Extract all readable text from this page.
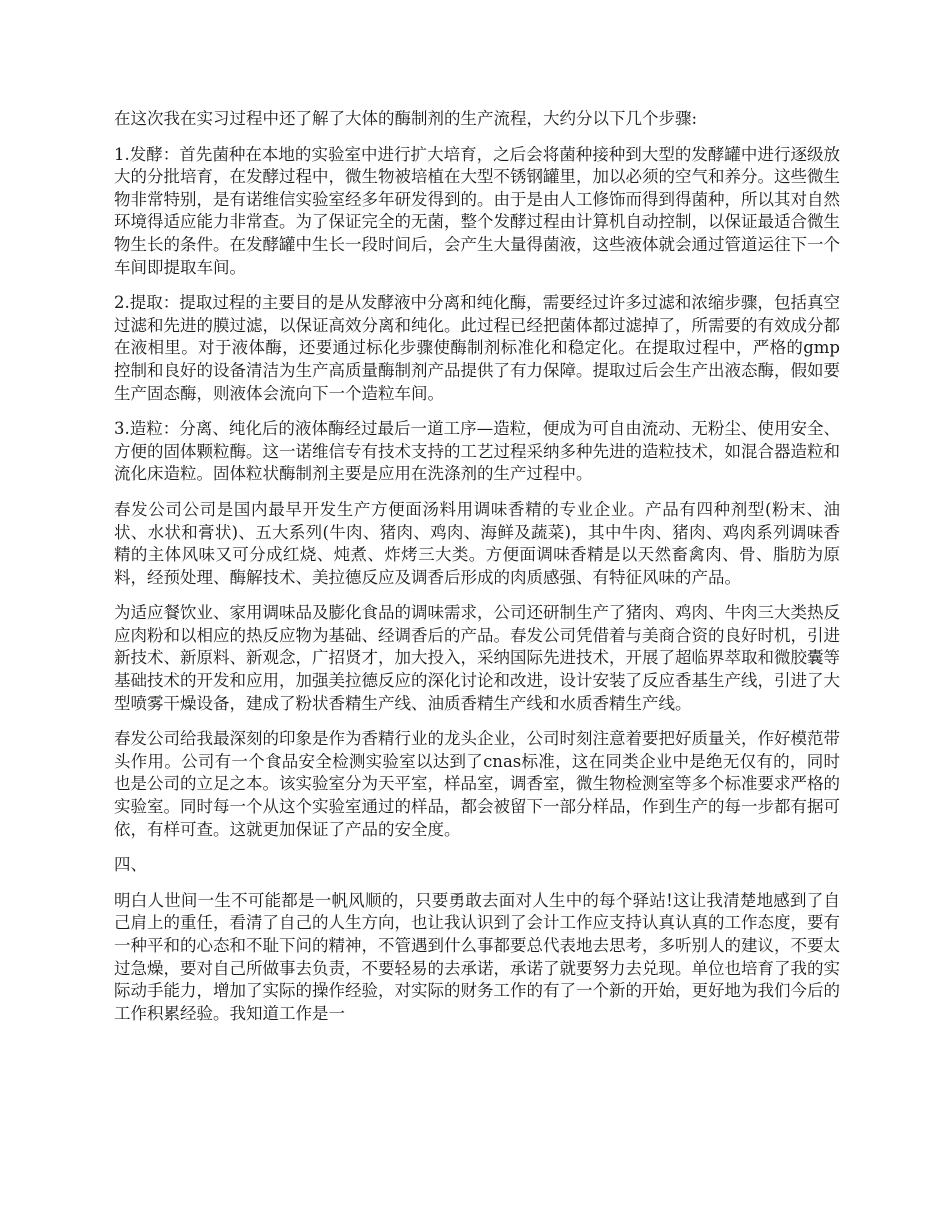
在这次我在实习过程中还了解了大体的酶制剂的生产流程，大约分以下几个步骤:

1.发酵：首先菌种在本地的实验室中进行扩大培育，之后会将菌种接种到大型的发酵罐中进行逐级放大的分批培育，在发酵过程中，微生物被培植在大型不锈钢罐里，加以必须的空气和养分。这些微生物非常特别，是有诺维信实验室经多年研发得到的。由于是由人工修饰而得到得菌种，所以其对自然环境得适应能力非常查。为了保证完全的无菌，整个发酵过程由计算机自动控制，以保证最适合微生物生长的条件。在发酵罐中生长一段时间后，会产生大量得菌液，这些液体就会通过管道运往下一个车间即提取车间。

2.提取：提取过程的主要目的是从发酵液中分离和纯化酶，需要经过许多过滤和浓缩步骤，包括真空过滤和先进的膜过滤，以保证高效分离和纯化。此过程已经把菌体都过滤掉了，所需要的有效成分都在液相里。对于液体酶，还要通过标化步骤使酶制剂标准化和稳定化。在提取过程中，严格的gmp控制和良好的设备清洁为生产高质量酶制剂产品提供了有力保障。提取过后会生产出液态酶，假如要生产固态酶，则液体会流向下一个造粒车间。

3.造粒：分离、纯化后的液体酶经过最后一道工序—造粒，便成为可自由流动、无粉尘、使用安全、方便的固体颗粒酶。这一诺维信专有技术支持的工艺过程采纳多种先进的造粒技术，如混合器造粒和流化床造粒。固体粒状酶制剂主要是应用在洗涤剂的生产过程中。

春发公司公司是国内最早开发生产方便面汤料用调味香精的专业企业。产品有四种剂型(粉末、油状、水状和膏状)、五大系列(牛肉、猪肉、鸡肉、海鲜及蔬菜)，其中牛肉、猪肉、鸡肉系列调味香精的主体风味又可分成红烧、炖煮、炸烤三大类。方便面调味香精是以天然畜禽肉、骨、脂肪为原料，经预处理、酶解技术、美拉德反应及调香后形成的肉质感强、有特征风味的产品。

为适应餐饮业、家用调味品及膨化食品的调味需求，公司还研制生产了猪肉、鸡肉、牛肉三大类热反应肉粉和以相应的热反应物为基础、经调香后的产品。春发公司凭借着与美商合资的良好时机，引进新技术、新原料、新观念，广招贤才，加大投入，采纳国际先进技术，开展了超临界萃取和微胶囊等基础技术的开发和应用，加强美拉德反应的深化讨论和改进，设计安装了反应香基生产线，引进了大型喷雾干燥设备，建成了粉状香精生产线、油质香精生产线和水质香精生产线。

春发公司给我最深刻的印象是作为香精行业的龙头企业，公司时刻注意着要把好质量关，作好模范带头作用。公司有一个食品安全检测实验室以达到了cnas标准，这在同类企业中是绝无仅有的，同时也是公司的立足之本。该实验室分为天平室，样品室，调香室，微生物检测室等多个标准要求严格的实验室。同时每一个从这个实验室通过的样品，都会被留下一部分样品，作到生产的每一步都有据可依，有样可查。这就更加保证了产品的安全度。

四、

明白人世间一生不可能都是一帆风顺的，只要勇敢去面对人生中的每个驿站!这让我清楚地感到了自己肩上的重任，看清了自己的人生方向，也让我认识到了会计工作应支持认真认真的工作态度，要有一种平和的心态和不耻下问的精神，不管遇到什么事都要总代表地去思考，多听别人的建议，不要太过急燥，要对自己所做事去负责，不要轻易的去承诺，承诺了就要努力去兑现。单位也培育了我的实际动手能力，增加了实际的操作经验，对实际的财务工作的有了一个新的开始，更好地为我们今后的工作积累经验。我知道工作是一
